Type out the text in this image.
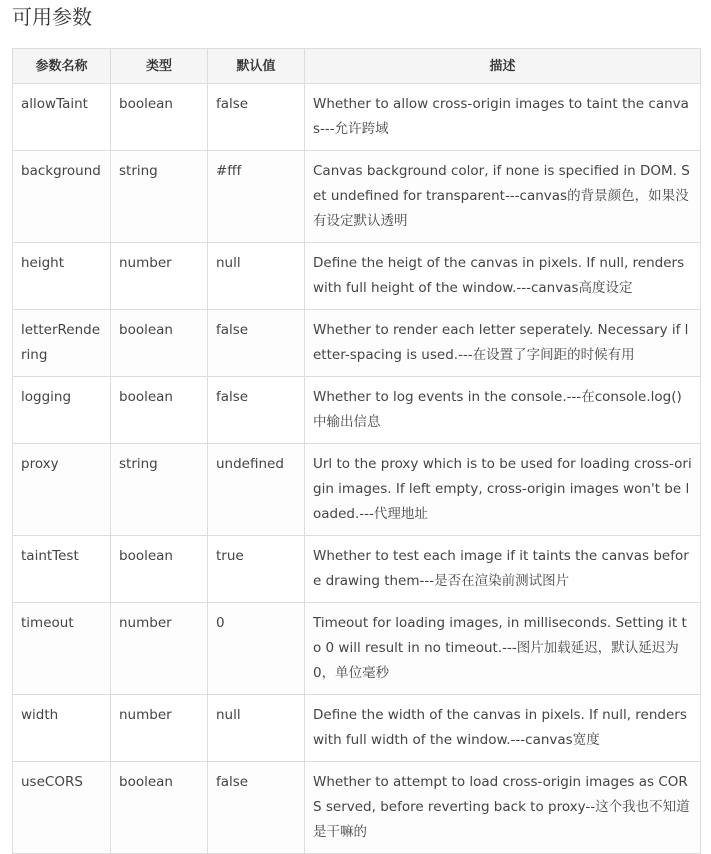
可用参数
参数名称	类型	默认值	描述
allowTaint	boolean	false	Whether to allow cross-origin images to taint the canvas---允许跨域
background	string	#fff	Canvas background color, if none is specified in DOM. Set undefined for transparent---canvas的背景颜色，如果没有设定默认透明
height	number	null	Define the heigt of the canvas in pixels. If null, renders with full height of the window.---canvas高度设定
letterRendering	boolean	false	Whether to render each letter seperately. Necessary if letter-spacing is used.---在设置了字间距的时候有用
logging	boolean	false	Whether to log events in the console.---在console.log()中输出信息
proxy	string	undefined	Url to the proxy which is to be used for loading cross-origin images. If left empty, cross-origin images won't be loaded.---代理地址
taintTest	boolean	true	Whether to test each image if it taints the canvas before drawing them---是否在渲染前测试图片
timeout	number	0	Timeout for loading images, in milliseconds. Setting it to 0 will result in no timeout.---图片加载延迟，默认延迟为0，单位毫秒
width	number	null	Define the width of the canvas in pixels. If null, renders with full width of the window.---canvas宽度
useCORS	boolean	false	Whether to attempt to load cross-origin images as CORS served, before reverting back to proxy--这个我也不知道是干嘛的
